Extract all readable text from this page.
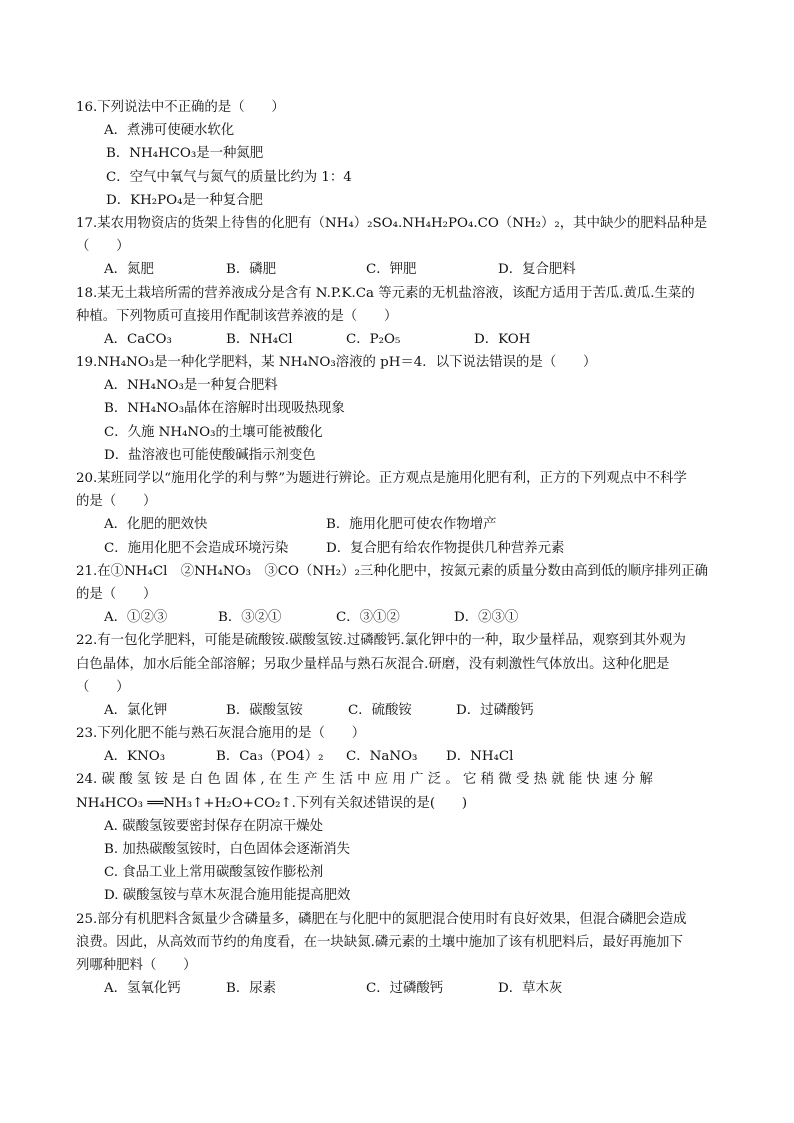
16.下列说法中不正确的是（　　）
A．煮沸可使硬水软化
B．NH₄HCO₃是一种氮肥
C．空气中氧气与氮气的质量比约为 1：4
D．KH₂PO₄是一种复合肥
17.某农用物资店的货架上待售的化肥有（NH₄）₂SO₄.NH₄H₂PO₄.CO（NH₂）₂，其中缺少的肥料品种是
（　　）
A．氮肥	B．磷肥	C．钾肥	D．复合肥料
18.某无土栽培所需的营养液成分是含有 N.P.K.Ca 等元素的无机盐溶液，该配方适用于苦瓜.黄瓜.生菜的
种植。下列物质可直接用作配制该营养液的是（　　）
A．CaCO₃	B．NH₄Cl	C．P₂O₅	D．KOH
19.NH₄NO₃是一种化学肥料，某 NH₄NO₃溶液的 pH＝4．以下说法错误的是（　　）
A．NH₄NO₃是一种复合肥料
B．NH₄NO₃晶体在溶解时出现吸热现象
C．久施 NH₄NO₃的土壤可能被酸化
D．盐溶液也可能使酸碱指示剂变色
20.某班同学以“施用化学的利与弊”为题进行辨论。正方观点是施用化肥有利，正方的下列观点中不科学
的是（　　）
A．化肥的肥效快	B．施用化肥可使农作物增产
C．施用化肥不会造成环境污染	D．复合肥有给农作物提供几种营养元素
21.在①NH₄Cl　②NH₄NO₃　③CO（NH₂）₂三种化肥中，按氮元素的质量分数由高到低的顺序排列正确
的是（　　）
A．①②③	B．③②①	C．③①②	D．②③①
22.有一包化学肥料，可能是硫酸铵.碳酸氢铵.过磷酸钙.氯化钾中的一种，取少量样品，观察到其外观为
白色晶体，加水后能全部溶解；另取少量样品与熟石灰混合.研磨，没有刺激性气体放出。这种化肥是
（　　）
A．氯化钾	B．碳酸氢铵	C．硫酸铵	D．过磷酸钙
23.下列化肥不能与熟石灰混合施用的是（　　）
A．KNO₃	B．Ca₃（PO4）₂	C．NaNO₃	D．NH₄Cl
24. 碳 酸 氢 铵 是 白 色 固 体 , 在 生 产 生 活 中 应 用 广 泛 。 它 稍 微 受 热 就 能 快 速 分 解
NH₄HCO₃ ══NH₃↑+H₂O+CO₂↑.下列有关叙述错误的是(　　)
A. 碳酸氢铵要密封保存在阴凉干燥处
B. 加热碳酸氢铵时，白色固体会逐渐消失
C. 食品工业上常用碳酸氢铵作膨松剂
D. 碳酸氢铵与草木灰混合施用能提高肥效
25.部分有机肥料含氮量少含磷量多，磷肥在与化肥中的氮肥混合使用时有良好效果，但混合磷肥会造成
浪费。因此，从高效而节约的角度看，在一块缺氮.磷元素的土壤中施加了该有机肥料后，最好再施加下
列哪种肥料（　　）
A．氢氧化钙	B．尿素	C．过磷酸钙	D．草木灰
